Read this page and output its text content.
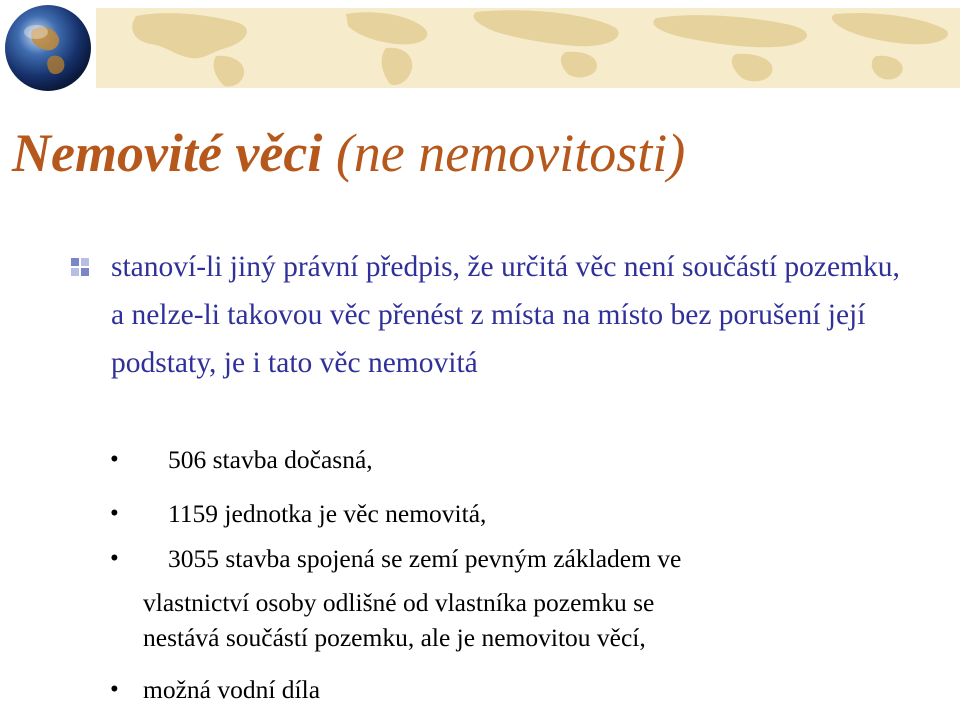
Nemovité věci (ne nemovitosti)
stanoví-li jiný právní předpis, že určitá věc není součástí pozemku, a nelze-li takovou věc přenést z místa na místo bez porušení její podstaty, je i tato věc nemovitá
• 506 stavba dočasná,
• 1159 jednotka je věc nemovitá,
• 3055 stavba spojená se zemí pevným základem ve
vlastnictví osoby odlišné od vlastníka pozemku se
nestává součástí pozemku, ale je nemovitou věcí,
• možná vodní díla
